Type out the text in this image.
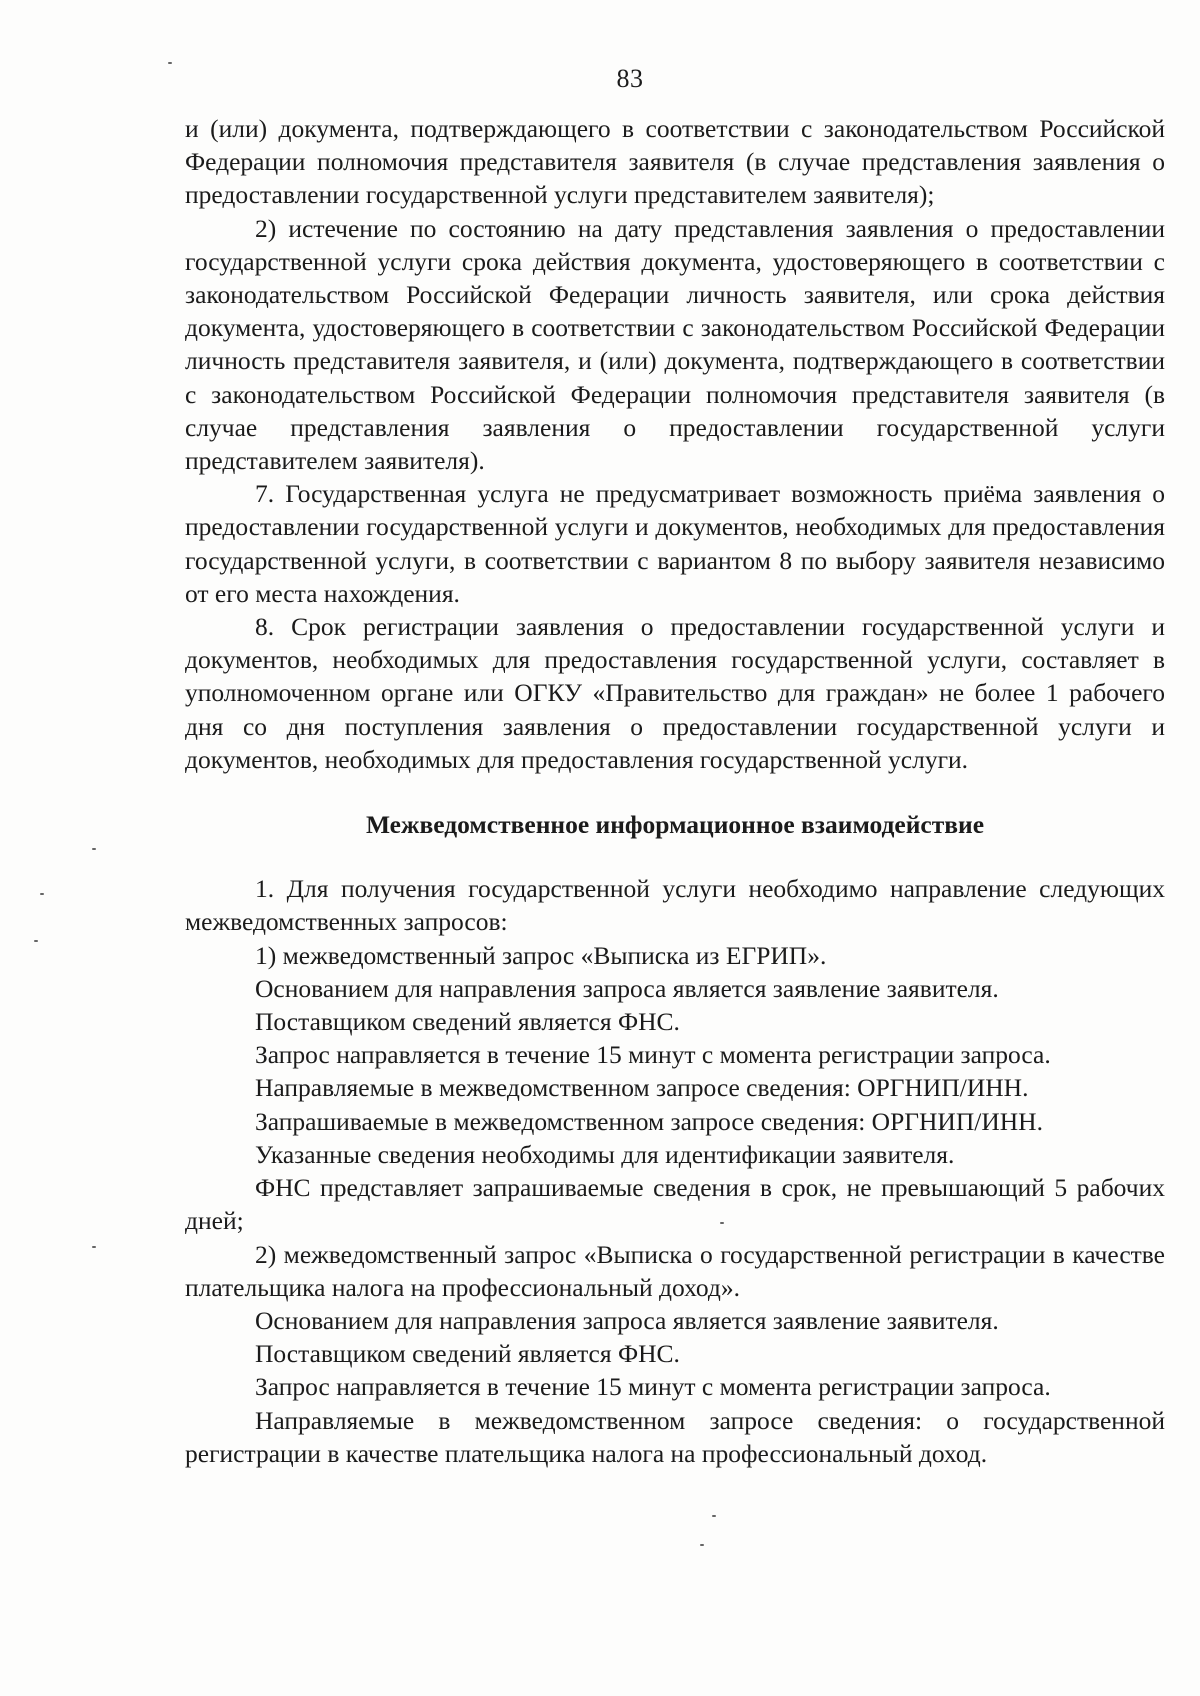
83

и (или) документа, подтверждающего в соответствии с законодательством Российской Федерации полномочия представителя заявителя (в случае представления заявления о предоставлении государственной услуги представителем заявителя);

2) истечение по состоянию на дату представления заявления о предоставлении государственной услуги срока действия документа, удостоверяющего в соответствии с законодательством Российской Федерации личность заявителя, или срока действия документа, удостоверяющего в соответствии с законодательством Российской Федерации личность представителя заявителя, и (или) документа, подтверждающего в соответствии с законодательством Российской Федерации полномочия представителя заявителя (в случае представления заявления о предоставлении государственной услуги представителем заявителя).

7. Государственная услуга не предусматривает возможность приёма заявления о предоставлении государственной услуги и документов, необходимых для предоставления государственной услуги, в соответствии с вариантом 8 по выбору заявителя независимо от его места нахождения.

8. Срок регистрации заявления о предоставлении государственной услуги и документов, необходимых для предоставления государственной услуги, составляет в уполномоченном органе или ОГКУ «Правительство для граждан» не более 1 рабочего дня со дня поступления заявления о предоставлении государственной услуги и документов, необходимых для предоставления государственной услуги.

Межведомственное информационное взаимодействие

1. Для получения государственной услуги необходимо направление следующих межведомственных запросов:

1) межведомственный запрос «Выписка из ЕГРИП».

Основанием для направления запроса является заявление заявителя.

Поставщиком сведений является ФНС.

Запрос направляется в течение 15 минут с момента регистрации запроса.

Направляемые в межведомственном запросе сведения: ОРГНИП/ИНН.

Запрашиваемые в межведомственном запросе сведения: ОРГНИП/ИНН.

Указанные сведения необходимы для идентификации заявителя.

ФНС представляет запрашиваемые сведения в срок, не превышающий 5 рабочих дней;

2) межведомственный запрос «Выписка о государственной регистрации в качестве плательщика налога на профессиональный доход».

Основанием для направления запроса является заявление заявителя.

Поставщиком сведений является ФНС.

Запрос направляется в течение 15 минут с момента регистрации запроса.

Направляемые в межведомственном запросе сведения: о государственной регистрации в качестве плательщика налога на профессиональный доход.
